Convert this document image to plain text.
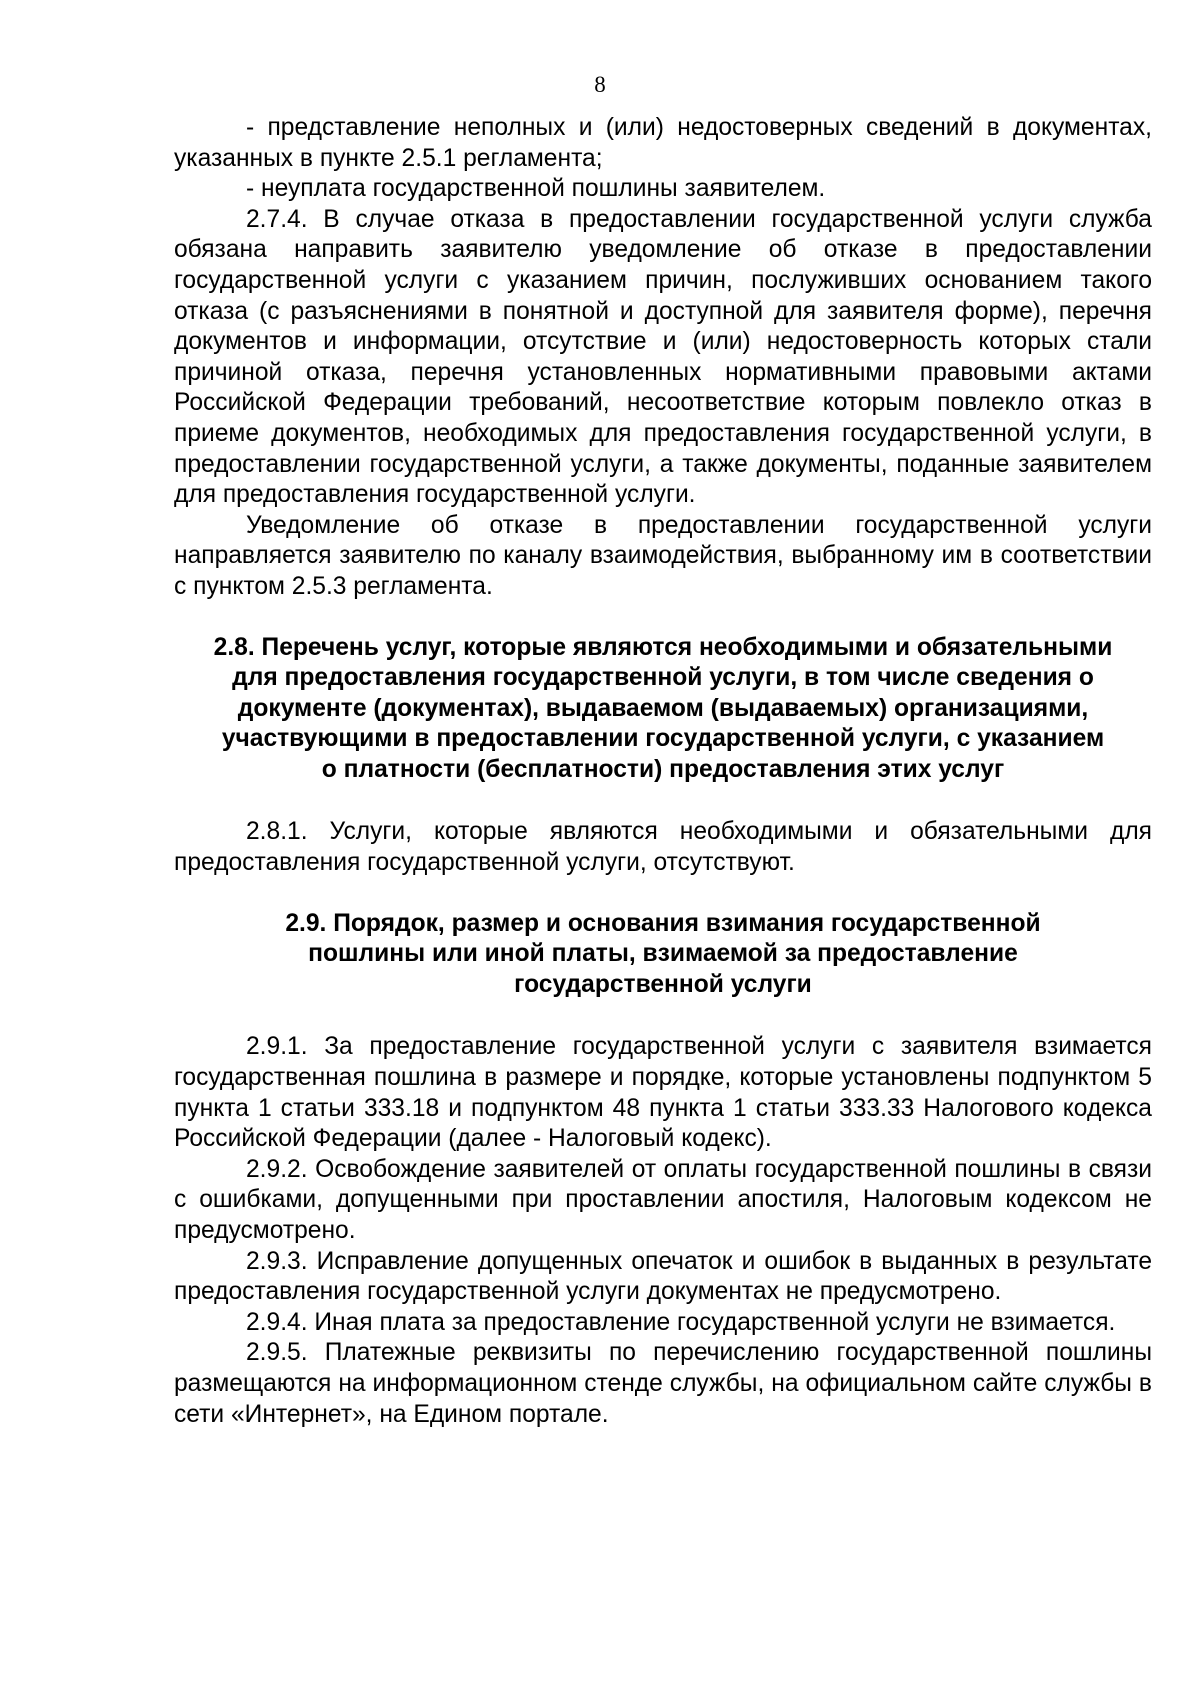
8

- представление неполных и (или) недостоверных сведений в документах, указанных в пункте 2.5.1 регламента;

- неуплата государственной пошлины заявителем.

2.7.4. В случае отказа в предоставлении государственной услуги служба обязана направить заявителю уведомление об отказе в предоставлении государственной услуги с указанием причин, послуживших основанием такого отказа (с разъяснениями в понятной и доступной для заявителя форме), перечня документов и информации, отсутствие и (или) недостоверность которых стали причиной отказа, перечня установленных нормативными правовыми актами Российской Федерации требований, несоответствие которым повлекло отказ в приеме документов, необходимых для предоставления государственной услуги, в предоставлении государственной услуги, а также документы, поданные заявителем для предоставления государственной услуги.

Уведомление об отказе в предоставлении государственной услуги направляется заявителю по каналу взаимодействия, выбранному им в соответствии с пунктом 2.5.3 регламента.

2.8. Перечень услуг, которые являются необходимыми и обязательными для предоставления государственной услуги, в том числе сведения о документе (документах), выдаваемом (выдаваемых) организациями, участвующими в предоставлении государственной услуги, с указанием о платности (бесплатности) предоставления этих услуг

2.8.1. Услуги, которые являются необходимыми и обязательными для предоставления государственной услуги, отсутствуют.

2.9. Порядок, размер и основания взимания государственной пошлины или иной платы, взимаемой за предоставление государственной услуги

2.9.1. За предоставление государственной услуги с заявителя взимается государственная пошлина в размере и порядке, которые установлены подпунктом 5 пункта 1 статьи 333.18 и подпунктом 48 пункта 1 статьи 333.33 Налогового кодекса Российской Федерации (далее - Налоговый кодекс).

2.9.2. Освобождение заявителей от оплаты государственной пошлины в связи с ошибками, допущенными при проставлении апостиля, Налоговым кодексом не предусмотрено.

2.9.3. Исправление допущенных опечаток и ошибок в выданных в результате предоставления государственной услуги документах не предусмотрено.

2.9.4. Иная плата за предоставление государственной услуги не взимается.

2.9.5. Платежные реквизиты по перечислению государственной пошлины размещаются на информационном стенде службы, на официальном сайте службы в сети «Интернет», на Едином портале.
